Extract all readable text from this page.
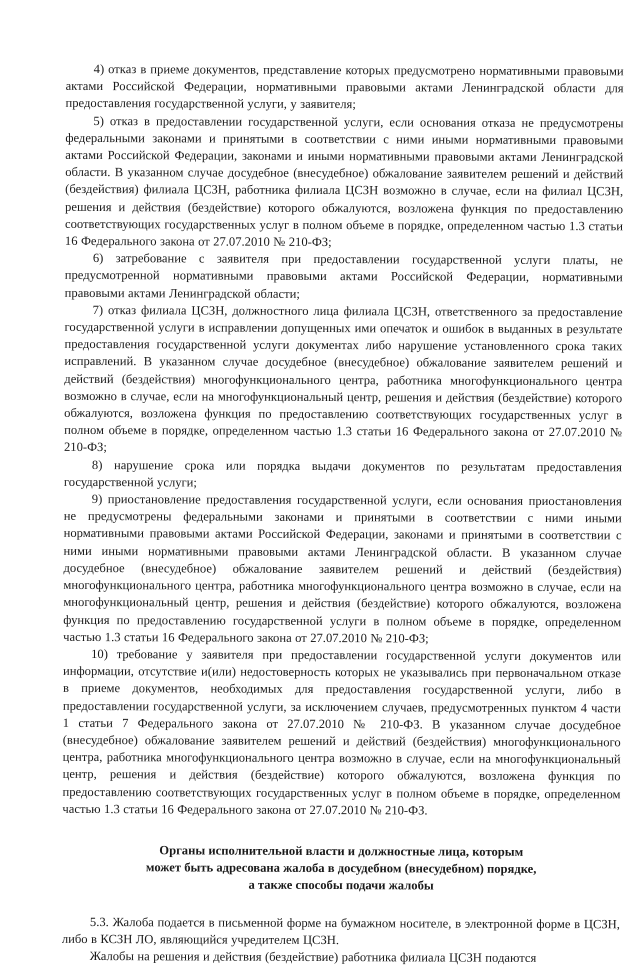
4) отказ в приеме документов, представление которых предусмотрено нормативными правовыми актами Российской Федерации, нормативными правовыми актами Ленинградской области для предоставления государственной услуги, у заявителя;

5) отказ в предоставлении государственной услуги, если основания отказа не предусмотрены федеральными законами и принятыми в соответствии с ними иными нормативными правовыми актами Российской Федерации, законами и иными нормативными правовыми актами Ленинградской области. В указанном случае досудебное (внесудебное) обжалование заявителем решений и действий (бездействия) филиала ЦСЗН, работника филиала ЦСЗН возможно в случае, если на филиал ЦСЗН, решения и действия (бездействие) которого обжалуются, возложена функция по предоставлению соответствующих государственных услуг в полном объеме в порядке, определенном частью 1.3 статьи 16 Федерального закона от 27.07.2010 № 210-ФЗ;

6) затребование с заявителя при предоставлении государственной услуги платы, не предусмотренной нормативными правовыми актами Российской Федерации, нормативными правовыми актами Ленинградской области;

7) отказ филиала ЦСЗН, должностного лица филиала ЦСЗН, ответственного за предоставление государственной услуги в исправлении допущенных ими опечаток и ошибок в выданных в результате предоставления государственной услуги документах либо нарушение установленного срока таких исправлений. В указанном случае досудебное (внесудебное) обжалование заявителем решений и действий (бездействия) многофункционального центра, работника многофункционального центра возможно в случае, если на многофункциональный центр, решения и действия (бездействие) которого обжалуются, возложена функция по предоставлению соответствующих государственных услуг в полном объеме в порядке, определенном частью 1.3 статьи 16 Федерального закона от 27.07.2010 № 210-ФЗ;

8) нарушение срока или порядка выдачи документов по результатам предоставления государственной услуги;

9) приостановление предоставления государственной услуги, если основания приостановления не предусмотрены федеральными законами и принятыми в соответствии с ними иными нормативными правовыми актами Российской Федерации, законами и принятыми в соответствии с ними иными нормативными правовыми актами Ленинградской области. В указанном случае досудебное (внесудебное) обжалование заявителем решений и действий (бездействия) многофункционального центра, работника многофункционального центра возможно в случае, если на многофункциональный центр, решения и действия (бездействие) которого обжалуются, возложена функция по предоставлению государственной услуги в полном объеме в порядке, определенном частью 1.3 статьи 16 Федерального закона от 27.07.2010 № 210-ФЗ;

10) требование у заявителя при предоставлении государственной услуги документов или информации, отсутствие и(или) недостоверность которых не указывались при первоначальном отказе в приеме документов, необходимых для предоставления государственной услуги, либо в предоставлении государственной услуги, за исключением случаев, предусмотренных пунктом 4 части 1 статьи 7 Федерального закона от 27.07.2010 № 210-ФЗ. В указанном случае досудебное (внесудебное) обжалование заявителем решений и действий (бездействия) многофункционального центра, работника многофункционального центра возможно в случае, если на многофункциональный центр, решения и действия (бездействие) которого обжалуются, возложена функция по предоставлению соответствующих государственных услуг в полном объеме в порядке, определенном частью 1.3 статьи 16 Федерального закона от 27.07.2010 № 210-ФЗ.

Органы исполнительной власти и должностные лица, которым
может быть адресована жалоба в досудебном (внесудебном) порядке,
а также способы подачи жалобы

5.3. Жалоба подается в письменной форме на бумажном носителе, в электронной форме в ЦСЗН, либо в КСЗН ЛО, являющийся учредителем ЦСЗН.

Жалобы на решения и действия (бездействие) работника филиала ЦСЗН подаются
